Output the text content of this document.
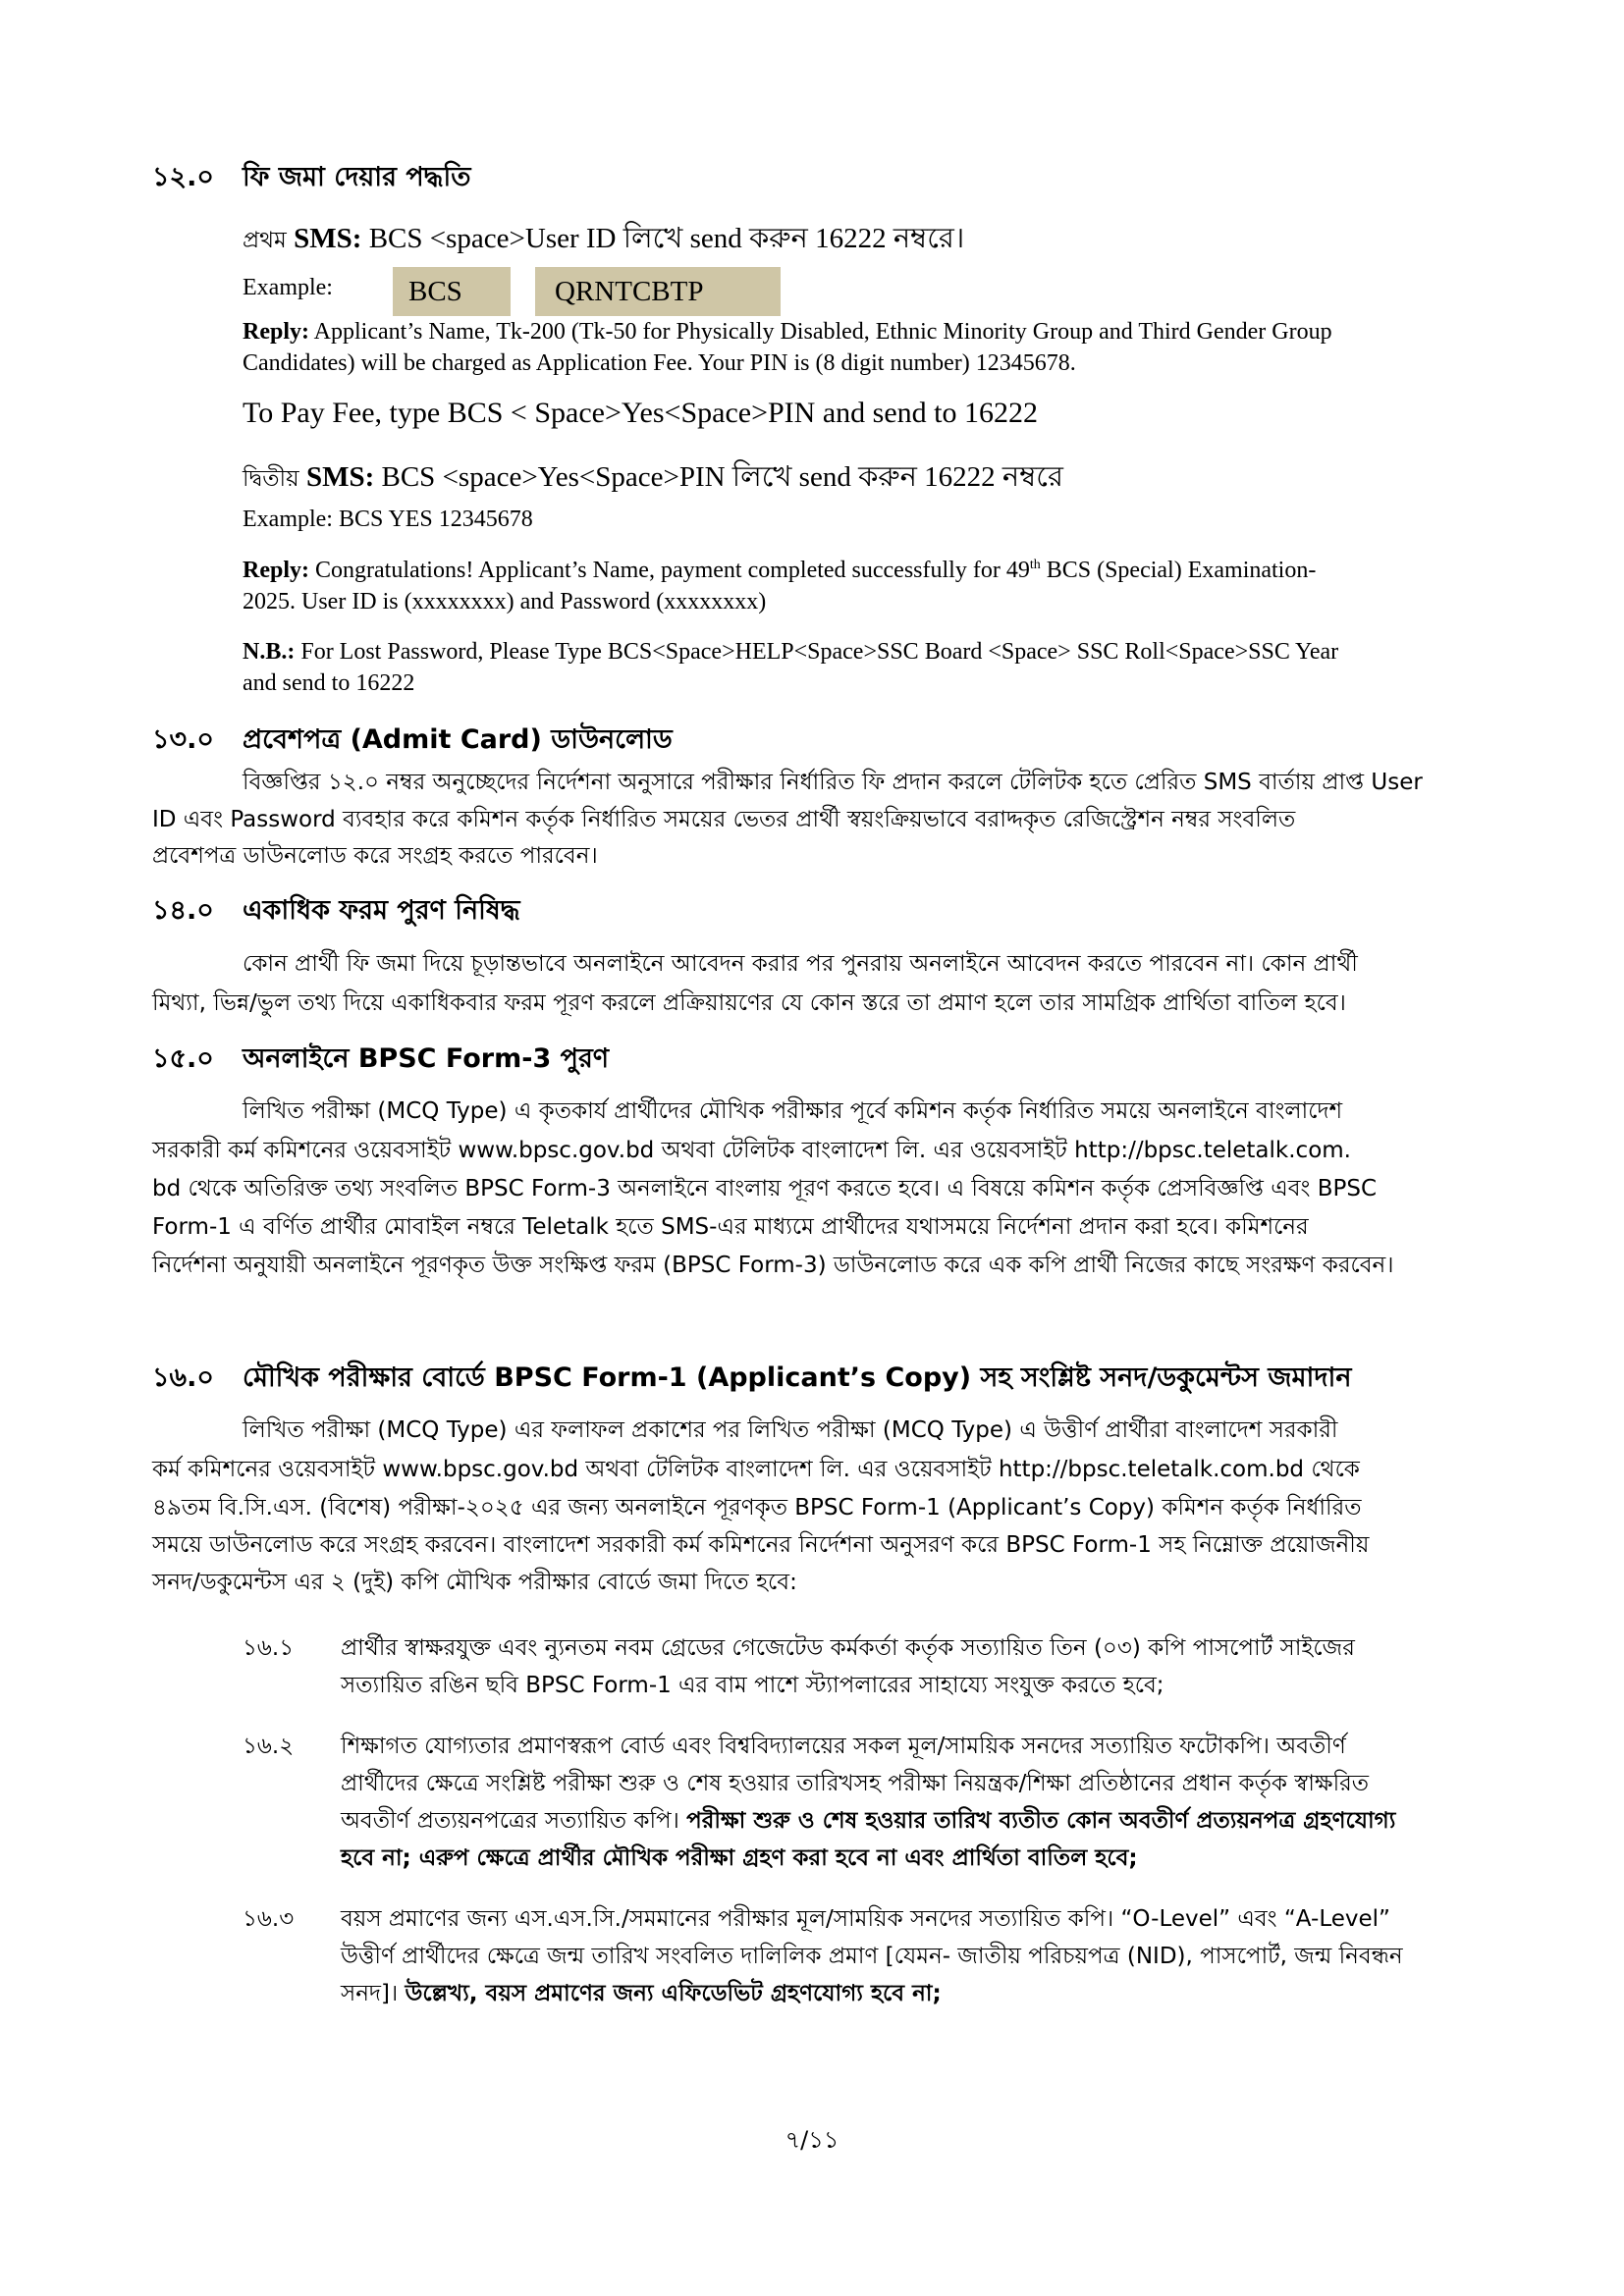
১২.০ ফি জমা দেয়ার পদ্ধতি
প্রথম SMS: BCS <space>User ID লিখে send করুন 16222 নম্বরে।
Example:	BCS	QRNTCBTP
Reply: Applicant’s Name, Tk-200 (Tk-50 for Physically Disabled, Ethnic Minority Group and Third Gender Group
Candidates) will be charged as Application Fee. Your PIN is (8 digit number) 12345678.
To Pay Fee, type BCS < Space>Yes<Space>PIN and send to 16222
দ্বিতীয় SMS: BCS <space>Yes<Space>PIN লিখে send করুন 16222 নম্বরে
Example: BCS YES 12345678
Reply: Congratulations! Applicant’s Name, payment completed successfully for 49th BCS (Special) Examination-
2025. User ID is (xxxxxxxx) and Password (xxxxxxxx)
N.B.: For Lost Password, Please Type BCS<Space>HELP<Space>SSC Board <Space> SSC Roll<Space>SSC Year
and send to 16222
১৩.০ প্রবেশপত্র (Admit Card) ডাউনলোড
বিজ্ঞপ্তির ১২.০ নম্বর অনুচ্ছেদের নির্দেশনা অনুসারে পরীক্ষার নির্ধারিত ফি প্রদান করলে টেলিটক হতে প্রেরিত SMS বার্তায় প্রাপ্ত User
ID এবং Password ব্যবহার করে কমিশন কর্তৃক নির্ধারিত সময়ের ভেতর প্রার্থী স্বয়ংক্রিয়ভাবে বরাদ্দকৃত রেজিস্ট্রেশন নম্বর সংবলিত
প্রবেশপত্র ডাউনলোড করে সংগ্রহ করতে পারবেন।
১৪.০ একাধিক ফরম পুরণ নিষিদ্ধ
কোন প্রার্থী ফি জমা দিয়ে চূড়ান্তভাবে অনলাইনে আবেদন করার পর পুনরায় অনলাইনে আবেদন করতে পারবেন না। কোন প্রার্থী
মিথ্যা, ভিন্ন/ভুল তথ্য দিয়ে একাধিকবার ফরম পূরণ করলে প্রক্রিয়ায়ণের যে কোন স্তরে তা প্রমাণ হলে তার সামগ্রিক প্রার্থিতা বাতিল হবে।
১৫.০ অনলাইনে BPSC Form-3 পুরণ
লিখিত পরীক্ষা (MCQ Type) এ কৃতকার্য প্রার্থীদের মৌখিক পরীক্ষার পূর্বে কমিশন কর্তৃক নির্ধারিত সময়ে অনলাইনে বাংলাদেশ
সরকারী কর্ম কমিশনের ওয়েবসাইট www.bpsc.gov.bd অথবা টেলিটক বাংলাদেশ লি. এর ওয়েবসাইট http://bpsc.teletalk.com.
bd থেকে অতিরিক্ত তথ্য সংবলিত BPSC Form-3 অনলাইনে বাংলায় পূরণ করতে হবে। এ বিষয়ে কমিশন কর্তৃক প্রেসবিজ্ঞপ্তি এবং BPSC
Form-1 এ বর্ণিত প্রার্থীর মোবাইল নম্বরে Teletalk হতে SMS-এর মাধ্যমে প্রার্থীদের যথাসময়ে নির্দেশনা প্রদান করা হবে। কমিশনের
নির্দেশনা অনুযায়ী অনলাইনে পূরণকৃত উক্ত সংক্ষিপ্ত ফরম (BPSC Form-3) ডাউনলোড করে এক কপি প্রার্থী নিজের কাছে সংরক্ষণ করবেন।
১৬.০ মৌখিক পরীক্ষার বোর্ডে BPSC Form-1 (Applicant’s Copy) সহ সংশ্লিষ্ট সনদ/ডকুমেন্টস জমাদান
লিখিত পরীক্ষা (MCQ Type) এর ফলাফল প্রকাশের পর লিখিত পরীক্ষা (MCQ Type) এ উত্তীর্ণ প্রার্থীরা বাংলাদেশ সরকারী
কর্ম কমিশনের ওয়েবসাইট www.bpsc.gov.bd অথবা টেলিটক বাংলাদেশ লি. এর ওয়েবসাইট http://bpsc.teletalk.com.bd থেকে
৪৯তম বি.সি.এস. (বিশেষ) পরীক্ষা-২০২৫ এর জন্য অনলাইনে পূরণকৃত BPSC Form-1 (Applicant’s Copy) কমিশন কর্তৃক নির্ধারিত
সময়ে ডাউনলোড করে সংগ্রহ করবেন। বাংলাদেশ সরকারী কর্ম কমিশনের নির্দেশনা অনুসরণ করে BPSC Form-1 সহ নিম্নোক্ত প্রয়োজনীয়
সনদ/ডকুমেন্টস এর ২ (দুই) কপি মৌখিক পরীক্ষার বোর্ডে জমা দিতে হবে:
১৬.১ প্রার্থীর স্বাক্ষরযুক্ত এবং ন্যুনতম নবম গ্রেডের গেজেটেড কর্মকর্তা কর্তৃক সত্যায়িত তিন (০৩) কপি পাসপোর্ট সাইজের
সত্যায়িত রঙিন ছবি BPSC Form-1 এর বাম পাশে স্ট্যাপলারের সাহায্যে সংযুক্ত করতে হবে;
১৬.২ শিক্ষাগত যোগ্যতার প্রমাণস্বরূপ বোর্ড এবং বিশ্ববিদ্যালয়ের সকল মূল/সাময়িক সনদের সত্যায়িত ফটোকপি। অবতীর্ণ
প্রার্থীদের ক্ষেত্রে সংশ্লিষ্ট পরীক্ষা শুরু ও শেষ হওয়ার তারিখসহ পরীক্ষা নিয়ন্ত্রক/শিক্ষা প্রতিষ্ঠানের প্রধান কর্তৃক স্বাক্ষরিত
অবতীর্ণ প্রত্যয়নপত্রের সত্যায়িত কপি। পরীক্ষা শুরু ও শেষ হওয়ার তারিখ ব্যতীত কোন অবতীর্ণ প্রত্যয়নপত্র গ্রহণযোগ্য
হবে না; এরুপ ক্ষেত্রে প্রার্থীর মৌখিক পরীক্ষা গ্রহণ করা হবে না এবং প্রার্থিতা বাতিল হবে;
১৬.৩ বয়স প্রমাণের জন্য এস.এস.সি./সমমানের পরীক্ষার মূল/সাময়িক সনদের সত্যায়িত কপি। “O-Level” এবং “A-Level”
উত্তীর্ণ প্রার্থীদের ক্ষেত্রে জন্ম তারিখ সংবলিত দালিলিক প্রমাণ [যেমন- জাতীয় পরিচয়পত্র (NID), পাসপোর্ট, জন্ম নিবন্ধন
সনদ]। উল্লেখ্য, বয়স প্রমাণের জন্য এফিডেভিট গ্রহণযোগ্য হবে না;
৭/১১
